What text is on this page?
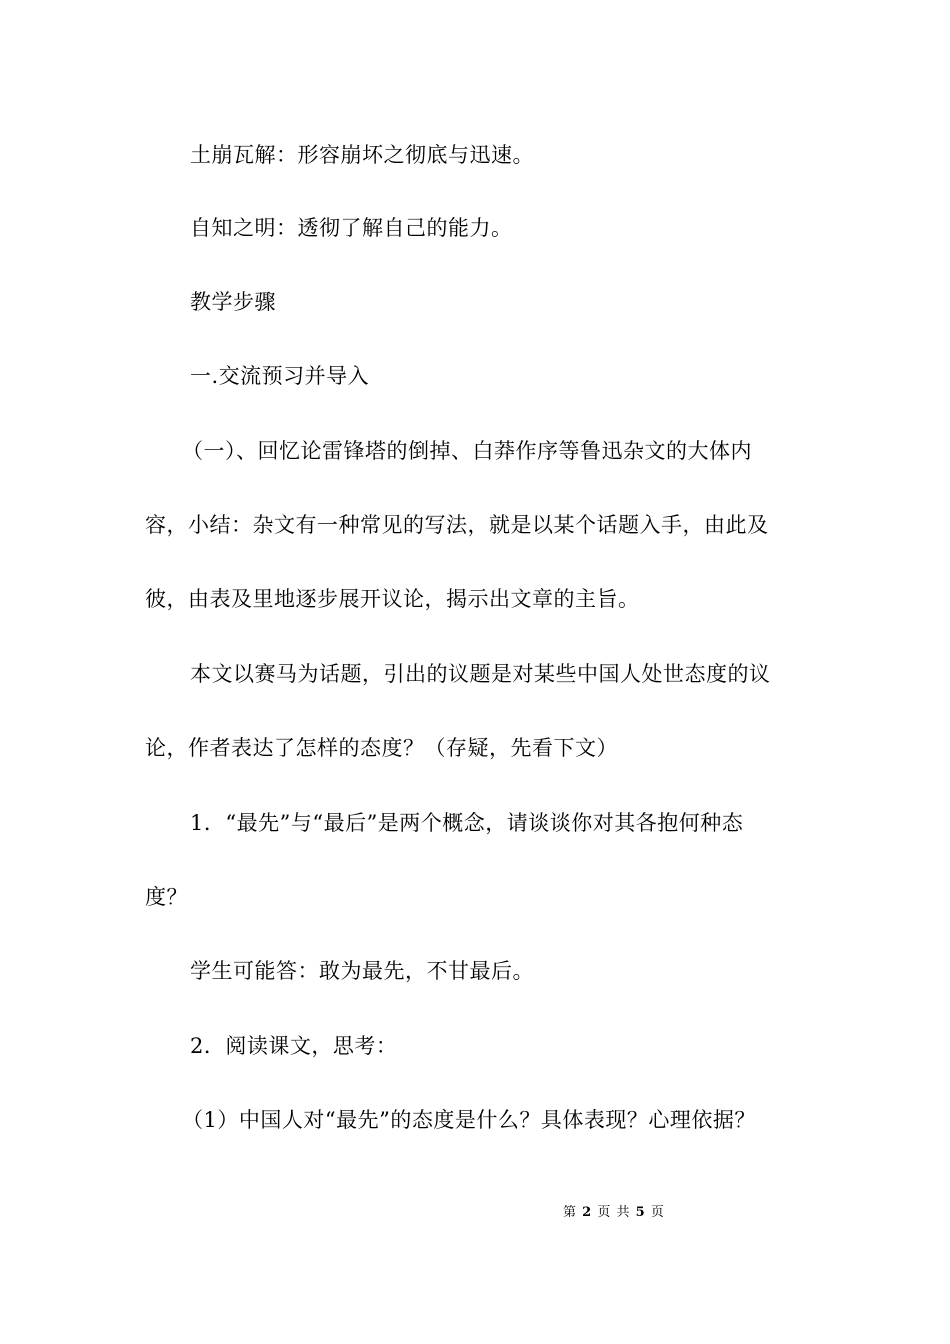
土崩瓦解：形容崩坏之彻底与迅速。
自知之明：透彻了解自己的能力。
教学步骤
一.交流预习并导入
（一）、回忆论雷锋塔的倒掉、白莽作序等鲁迅杂文的大体内
容，小结：杂文有一种常见的写法，就是以某个话题入手，由此及
彼，由表及里地逐步展开议论，揭示出文章的主旨。
本文以赛马为话题，引出的议题是对某些中国人处世态度的议
论，作者表达了怎样的态度？（存疑，先看下文）
1．“最先”与“最后”是两个概念，请谈谈你对其各抱何种态
度？
学生可能答：敢为最先，不甘最后。
2．阅读课文，思考：
（1）中国人对“最先”的态度是什么？具体表现？心理依据？
第 2 页 共 5 页
